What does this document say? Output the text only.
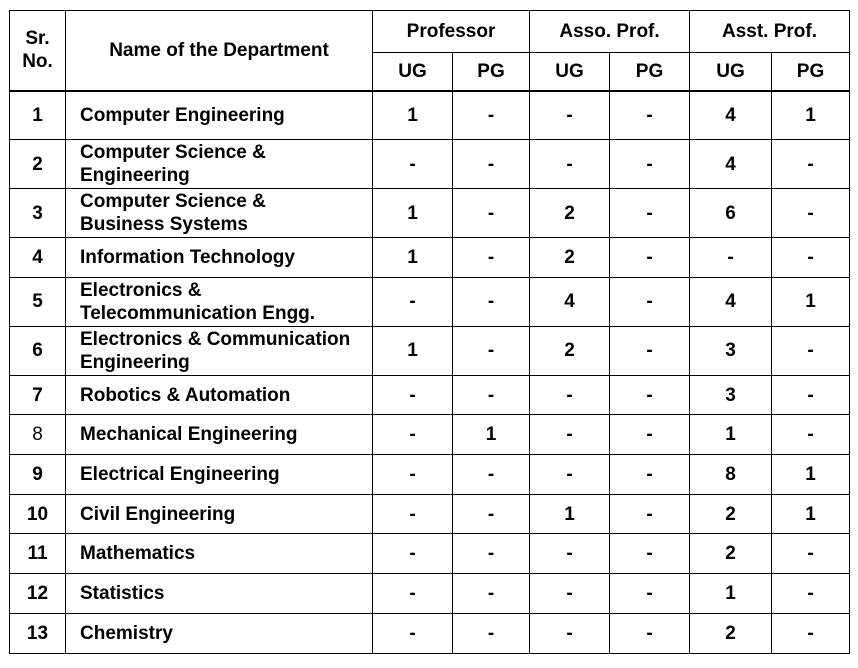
Sr.
No.	Name of the Department	Professor		Asso. Prof.		Asst. Prof.	
		UG	PG	UG	PG	UG	PG
1	Computer Engineering	1	-	-	-	4	1
2	Computer Science &
Engineering	-	-	-	-	4	-
3	Computer Science &
Business Systems	1	-	2	-	6	-
4	Information Technology	1	-	2	-	-	-
5	Electronics &
Telecommunication Engg.	-	-	4	-	4	1
6	Electronics & Communication
Engineering	1	-	2	-	3	-
7	Robotics & Automation	-	-	-	-	3	-
8	Mechanical Engineering	-	1	-	-	1	-
9	Electrical Engineering	-	-	-	-	8	1
10	Civil Engineering	-	-	1	-	2	1
11	Mathematics	-	-	-	-	2	-
12	Statistics	-	-	-	-	1	-
13	Chemistry	-	-	-	-	2	-
